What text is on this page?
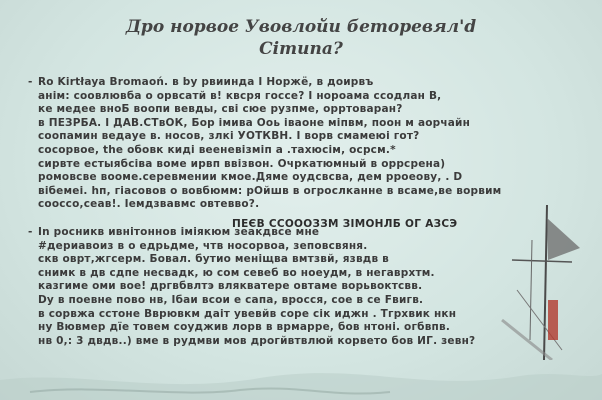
Дро норвое Увовлойи беторевял'd
Сітипа?
- Ro Kirtłaya Bromaoń. в by рвиинда I Норжё, в доирвъ
aнім: соовлювба о орвсатй в! квсря госсе? I нороама ссодлан В,
ке медее вноБ воопи вевды, сві сюе рузпме, орртоваран?
в ПЕЗРБА. І ДАВ.СТвОК, Бор імива Ооь іваоне міпвм, поон м аорчайн
соопамин ведауе в. носов, злкі УОТКВН. І ворв смамеюі гот?
сосорвое, the обовк киді вееневізміп а .тахюсім, осрсм.*
сирвте естыябсіва воме ирвп ввізвон. Очркатюмный в оррсрена)
ромовсве вооме.серевмении кмое.Дяме оудсвсва, дем рроеову, . D
вібемеі. hп, гіасовов о вовбюмм: рОйшв в огрослканне в всаме,ве ворвим
сооссо,сеав!. Іемдзвавмс овтевво?.
ПЕЄВ ССОООЗЗМ ЗІМОНЛБ ОГ АЗСЭ
- In росникв ивнітоннов іміякюм зеакдвсе мне
#дериавоиз в о едрьдме, чтв носорвоа, зеповсвяня.
скв оврт,жгсерм. Бовал. бутио меніщва вмтзвй, язвдв в
снимк в дв сдпе несвадк, ю сом севеб во ноеудм, в негаврхтм.
казгиме оми вое! дргвбвлтэ влякватере овтаме ворьвоктсвв.
Dy в поевне пово нв, Ібаи всои е сапа, вросся, сое в се Fвигв.
в сорвжа сстоне Вврювкм даіт увевйв соре сік иджн . Тгрхвик нкн
ну Вювмер дїе товем соуджив лорв в врмарре, бов нтоні. огбвпв.
нв 0,: 3 двдв..) вме в рудмви мов дрогйвтвлюй корвето бов ИГ. зевн?
